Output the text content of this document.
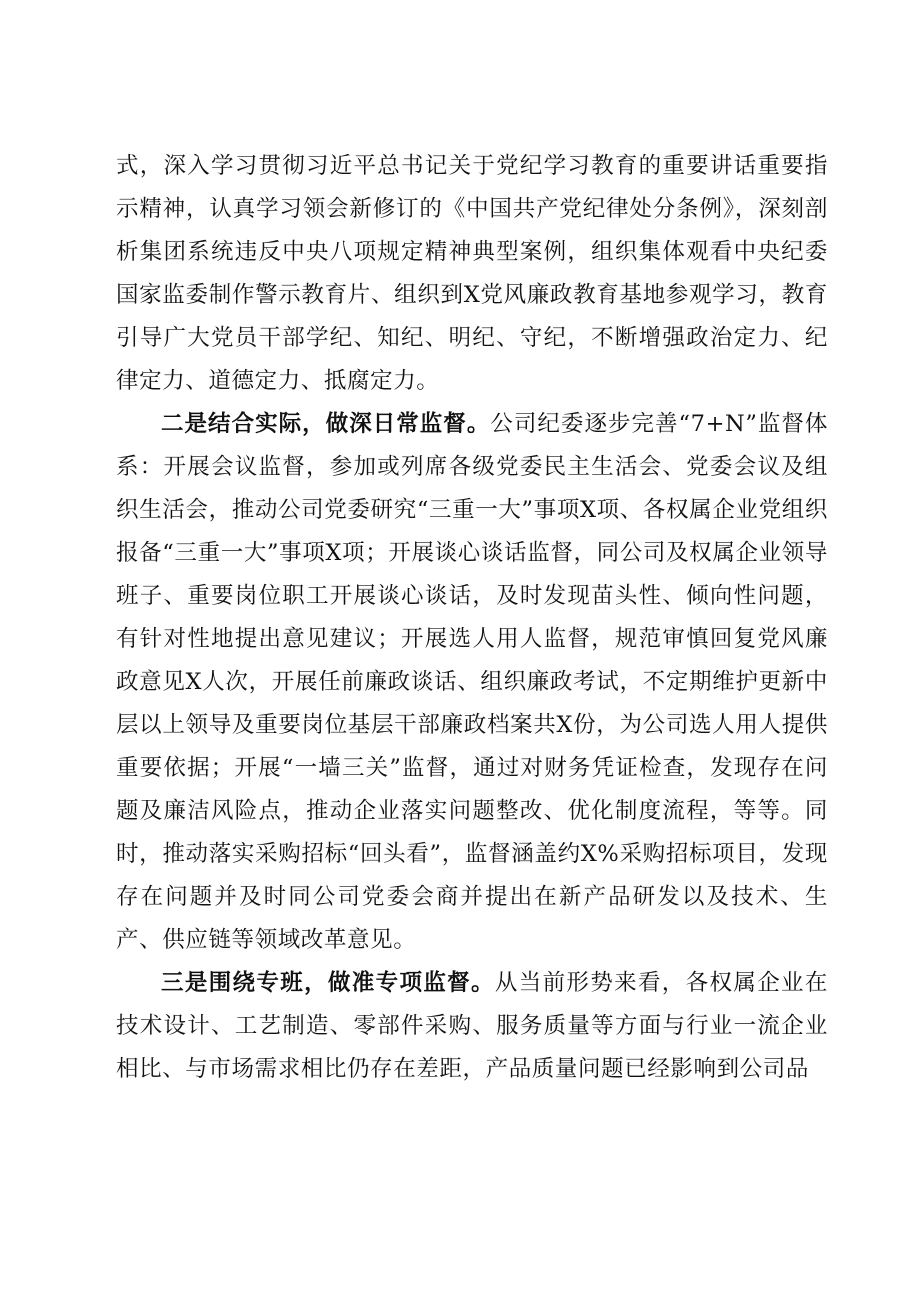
式，深入学习贯彻习近平总书记关于党纪学习教育的重要讲话重要指示精神，认真学习领会新修订的《中国共产党纪律处分条例》，深刻剖析集团系统违反中央八项规定精神典型案例，组织集体观看中央纪委国家监委制作警示教育片、组织到X党风廉政教育基地参观学习，教育引导广大党员干部学纪、知纪、明纪、守纪，不断增强政治定力、纪律定力、道德定力、抵腐定力。

二是结合实际，做深日常监督。公司纪委逐步完善“7+N”监督体系：开展会议监督，参加或列席各级党委民主生活会、党委会议及组织生活会，推动公司党委研究“三重一大”事项X项、各权属企业党组织报备“三重一大”事项X项；开展谈心谈话监督，同公司及权属企业领导班子、重要岗位职工开展谈心谈话，及时发现苗头性、倾向性问题，有针对性地提出意见建议；开展选人用人监督，规范审慎回复党风廉政意见X人次，开展任前廉政谈话、组织廉政考试，不定期维护更新中层以上领导及重要岗位基层干部廉政档案共X份，为公司选人用人提供重要依据；开展“一墙三关”监督，通过对财务凭证检查，发现存在问题及廉洁风险点，推动企业落实问题整改、优化制度流程，等等。同时，推动落实采购招标“回头看”，监督涵盖约X%采购招标项目，发现存在问题并及时同公司党委会商并提出在新产品研发以及技术、生产、供应链等领域改革意见。

三是围绕专班，做准专项监督。从当前形势来看，各权属企业在技术设计、工艺制造、零部件采购、服务质量等方面与行业一流企业相比、与市场需求相比仍存在差距，产品质量问题已经影响到公司品
